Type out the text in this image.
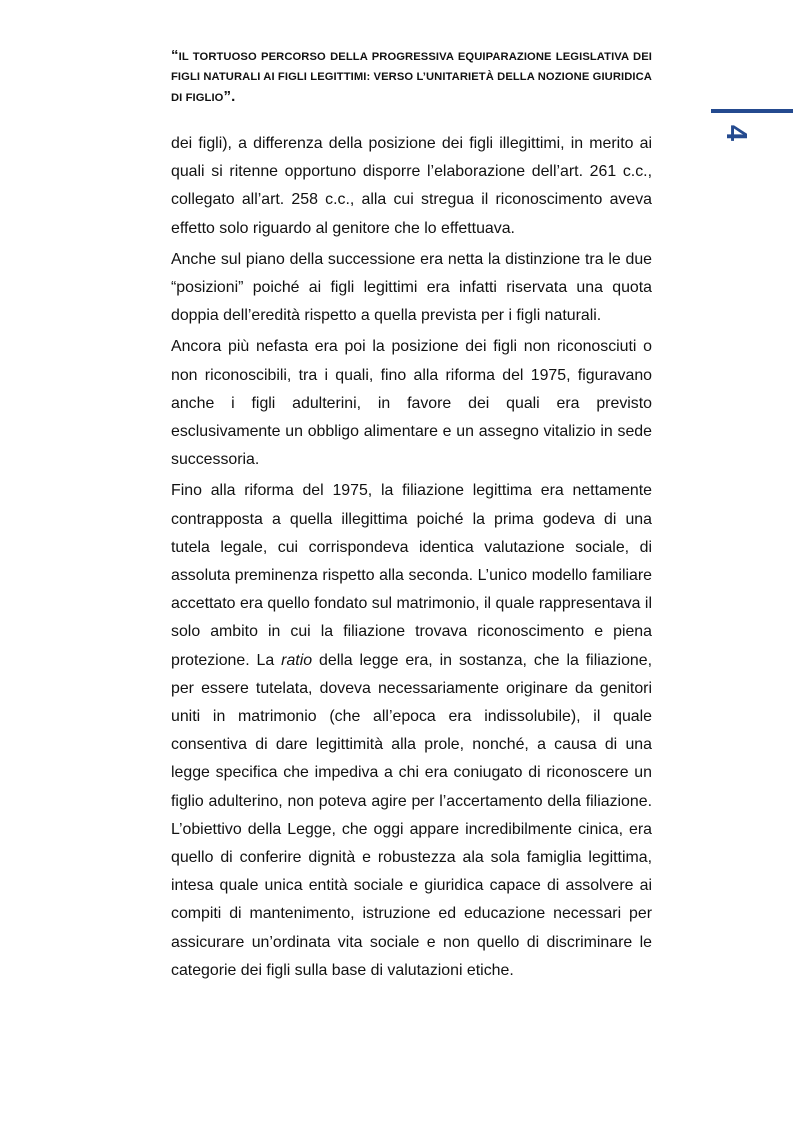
“IL TORTUOSO PERCORSO DELLA PROGRESSIVA EQUIPARAZIONE LEGISLATIVA DEI FIGLI NATURALI AI FIGLI LEGITTIMI: VERSO L’UNITARIETÀ DELLA NOZIONE GIURIDICA DI FIGLIO”.
4

dei figli), a differenza della posizione dei figli illegittimi, in merito ai quali si ritenne opportuno disporre l’elaborazione dell’art. 261 c.c., collegato all’art. 258 c.c., alla cui stregua il riconoscimento aveva effetto solo riguardo al genitore che lo effettuava.

Anche sul piano della successione era netta la distinzione tra le due “posizioni” poiché ai figli legittimi era infatti riservata una quota doppia dell’eredità rispetto a quella prevista per i figli naturali.

Ancora più nefasta era poi la posizione dei figli non riconosciuti o non riconoscibili, tra i quali, fino alla riforma del 1975, figuravano anche i figli adulterini, in favore dei quali era previsto esclusivamente un obbligo alimentare e un assegno vitalizio in sede successoria.

Fino alla riforma del 1975, la filiazione legittima era nettamente contrapposta a quella illegittima poiché la prima godeva di una tutela legale, cui corrispondeva identica valutazione sociale, di assoluta preminenza rispetto alla seconda. L’unico modello familiare accettato era quello fondato sul matrimonio, il quale rappresentava il solo ambito in cui la filiazione trovava riconoscimento e piena protezione. La ratio della legge era, in sostanza, che la filiazione, per essere tutelata, doveva necessariamente originare da genitori uniti in matrimonio (che all’epoca era indissolubile), il quale consentiva di dare legittimità alla prole, nonché, a causa di una legge specifica che impediva a chi era coniugato di riconoscere un figlio adulterino, non poteva agire per l’accertamento della filiazione. L’obiettivo della Legge, che oggi appare incredibilmente cinica, era quello di conferire dignità e robustezza ala sola famiglia legittima, intesa quale unica entità sociale e giuridica capace di assolvere ai compiti di mantenimento, istruzione ed educazione necessari per assicurare un’ordinata vita sociale e non quello di discriminare le categorie dei figli sulla base di valutazioni etiche.
